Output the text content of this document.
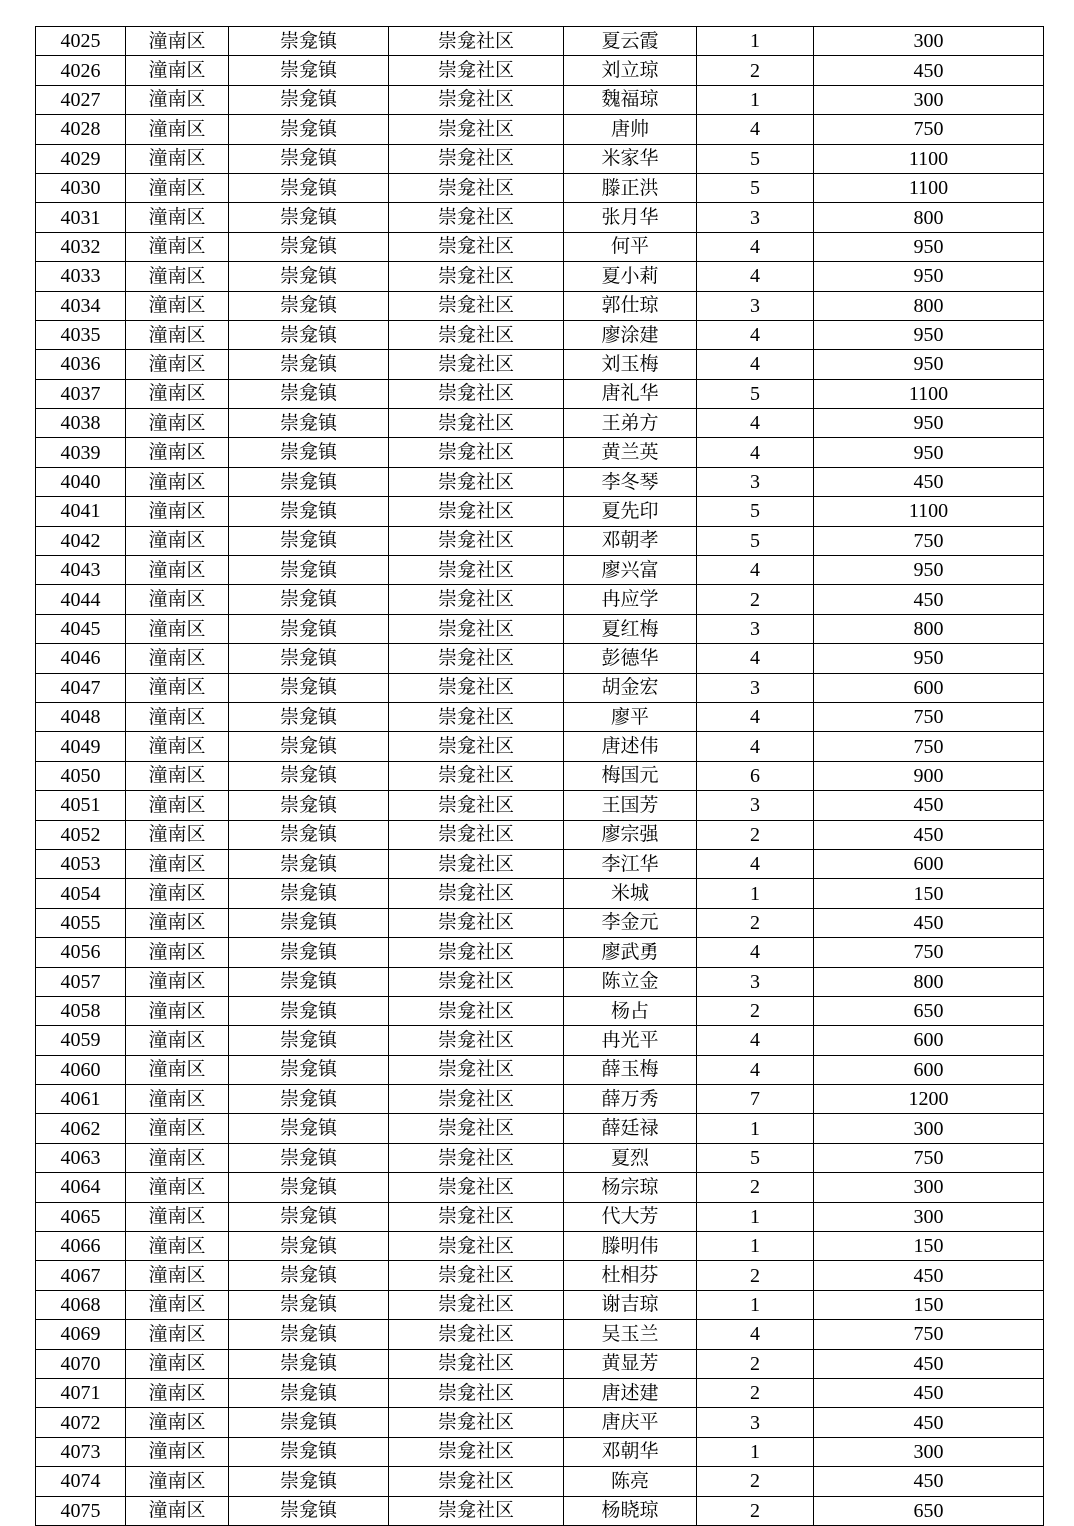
4025	潼南区	崇龛镇	崇龛社区	夏云霞	1	300
4026	潼南区	崇龛镇	崇龛社区	刘立琼	2	450
4027	潼南区	崇龛镇	崇龛社区	魏福琼	1	300
4028	潼南区	崇龛镇	崇龛社区	唐帅	4	750
4029	潼南区	崇龛镇	崇龛社区	米家华	5	1100
4030	潼南区	崇龛镇	崇龛社区	滕正洪	5	1100
4031	潼南区	崇龛镇	崇龛社区	张月华	3	800
4032	潼南区	崇龛镇	崇龛社区	何平	4	950
4033	潼南区	崇龛镇	崇龛社区	夏小莉	4	950
4034	潼南区	崇龛镇	崇龛社区	郭仕琼	3	800
4035	潼南区	崇龛镇	崇龛社区	廖涂建	4	950
4036	潼南区	崇龛镇	崇龛社区	刘玉梅	4	950
4037	潼南区	崇龛镇	崇龛社区	唐礼华	5	1100
4038	潼南区	崇龛镇	崇龛社区	王弟方	4	950
4039	潼南区	崇龛镇	崇龛社区	黄兰英	4	950
4040	潼南区	崇龛镇	崇龛社区	李冬琴	3	450
4041	潼南区	崇龛镇	崇龛社区	夏先印	5	1100
4042	潼南区	崇龛镇	崇龛社区	邓朝孝	5	750
4043	潼南区	崇龛镇	崇龛社区	廖兴富	4	950
4044	潼南区	崇龛镇	崇龛社区	冉应学	2	450
4045	潼南区	崇龛镇	崇龛社区	夏红梅	3	800
4046	潼南区	崇龛镇	崇龛社区	彭德华	4	950
4047	潼南区	崇龛镇	崇龛社区	胡金宏	3	600
4048	潼南区	崇龛镇	崇龛社区	廖平	4	750
4049	潼南区	崇龛镇	崇龛社区	唐述伟	4	750
4050	潼南区	崇龛镇	崇龛社区	梅国元	6	900
4051	潼南区	崇龛镇	崇龛社区	王国芳	3	450
4052	潼南区	崇龛镇	崇龛社区	廖宗强	2	450
4053	潼南区	崇龛镇	崇龛社区	李江华	4	600
4054	潼南区	崇龛镇	崇龛社区	米城	1	150
4055	潼南区	崇龛镇	崇龛社区	李金元	2	450
4056	潼南区	崇龛镇	崇龛社区	廖武勇	4	750
4057	潼南区	崇龛镇	崇龛社区	陈立金	3	800
4058	潼南区	崇龛镇	崇龛社区	杨占	2	650
4059	潼南区	崇龛镇	崇龛社区	冉光平	4	600
4060	潼南区	崇龛镇	崇龛社区	薛玉梅	4	600
4061	潼南区	崇龛镇	崇龛社区	薛万秀	7	1200
4062	潼南区	崇龛镇	崇龛社区	薛廷禄	1	300
4063	潼南区	崇龛镇	崇龛社区	夏烈	5	750
4064	潼南区	崇龛镇	崇龛社区	杨宗琼	2	300
4065	潼南区	崇龛镇	崇龛社区	代大芳	1	300
4066	潼南区	崇龛镇	崇龛社区	滕明伟	1	150
4067	潼南区	崇龛镇	崇龛社区	杜相芬	2	450
4068	潼南区	崇龛镇	崇龛社区	谢吉琼	1	150
4069	潼南区	崇龛镇	崇龛社区	吴玉兰	4	750
4070	潼南区	崇龛镇	崇龛社区	黄显芳	2	450
4071	潼南区	崇龛镇	崇龛社区	唐述建	2	450
4072	潼南区	崇龛镇	崇龛社区	唐庆平	3	450
4073	潼南区	崇龛镇	崇龛社区	邓朝华	1	300
4074	潼南区	崇龛镇	崇龛社区	陈亮	2	450
4075	潼南区	崇龛镇	崇龛社区	杨晓琼	2	650
